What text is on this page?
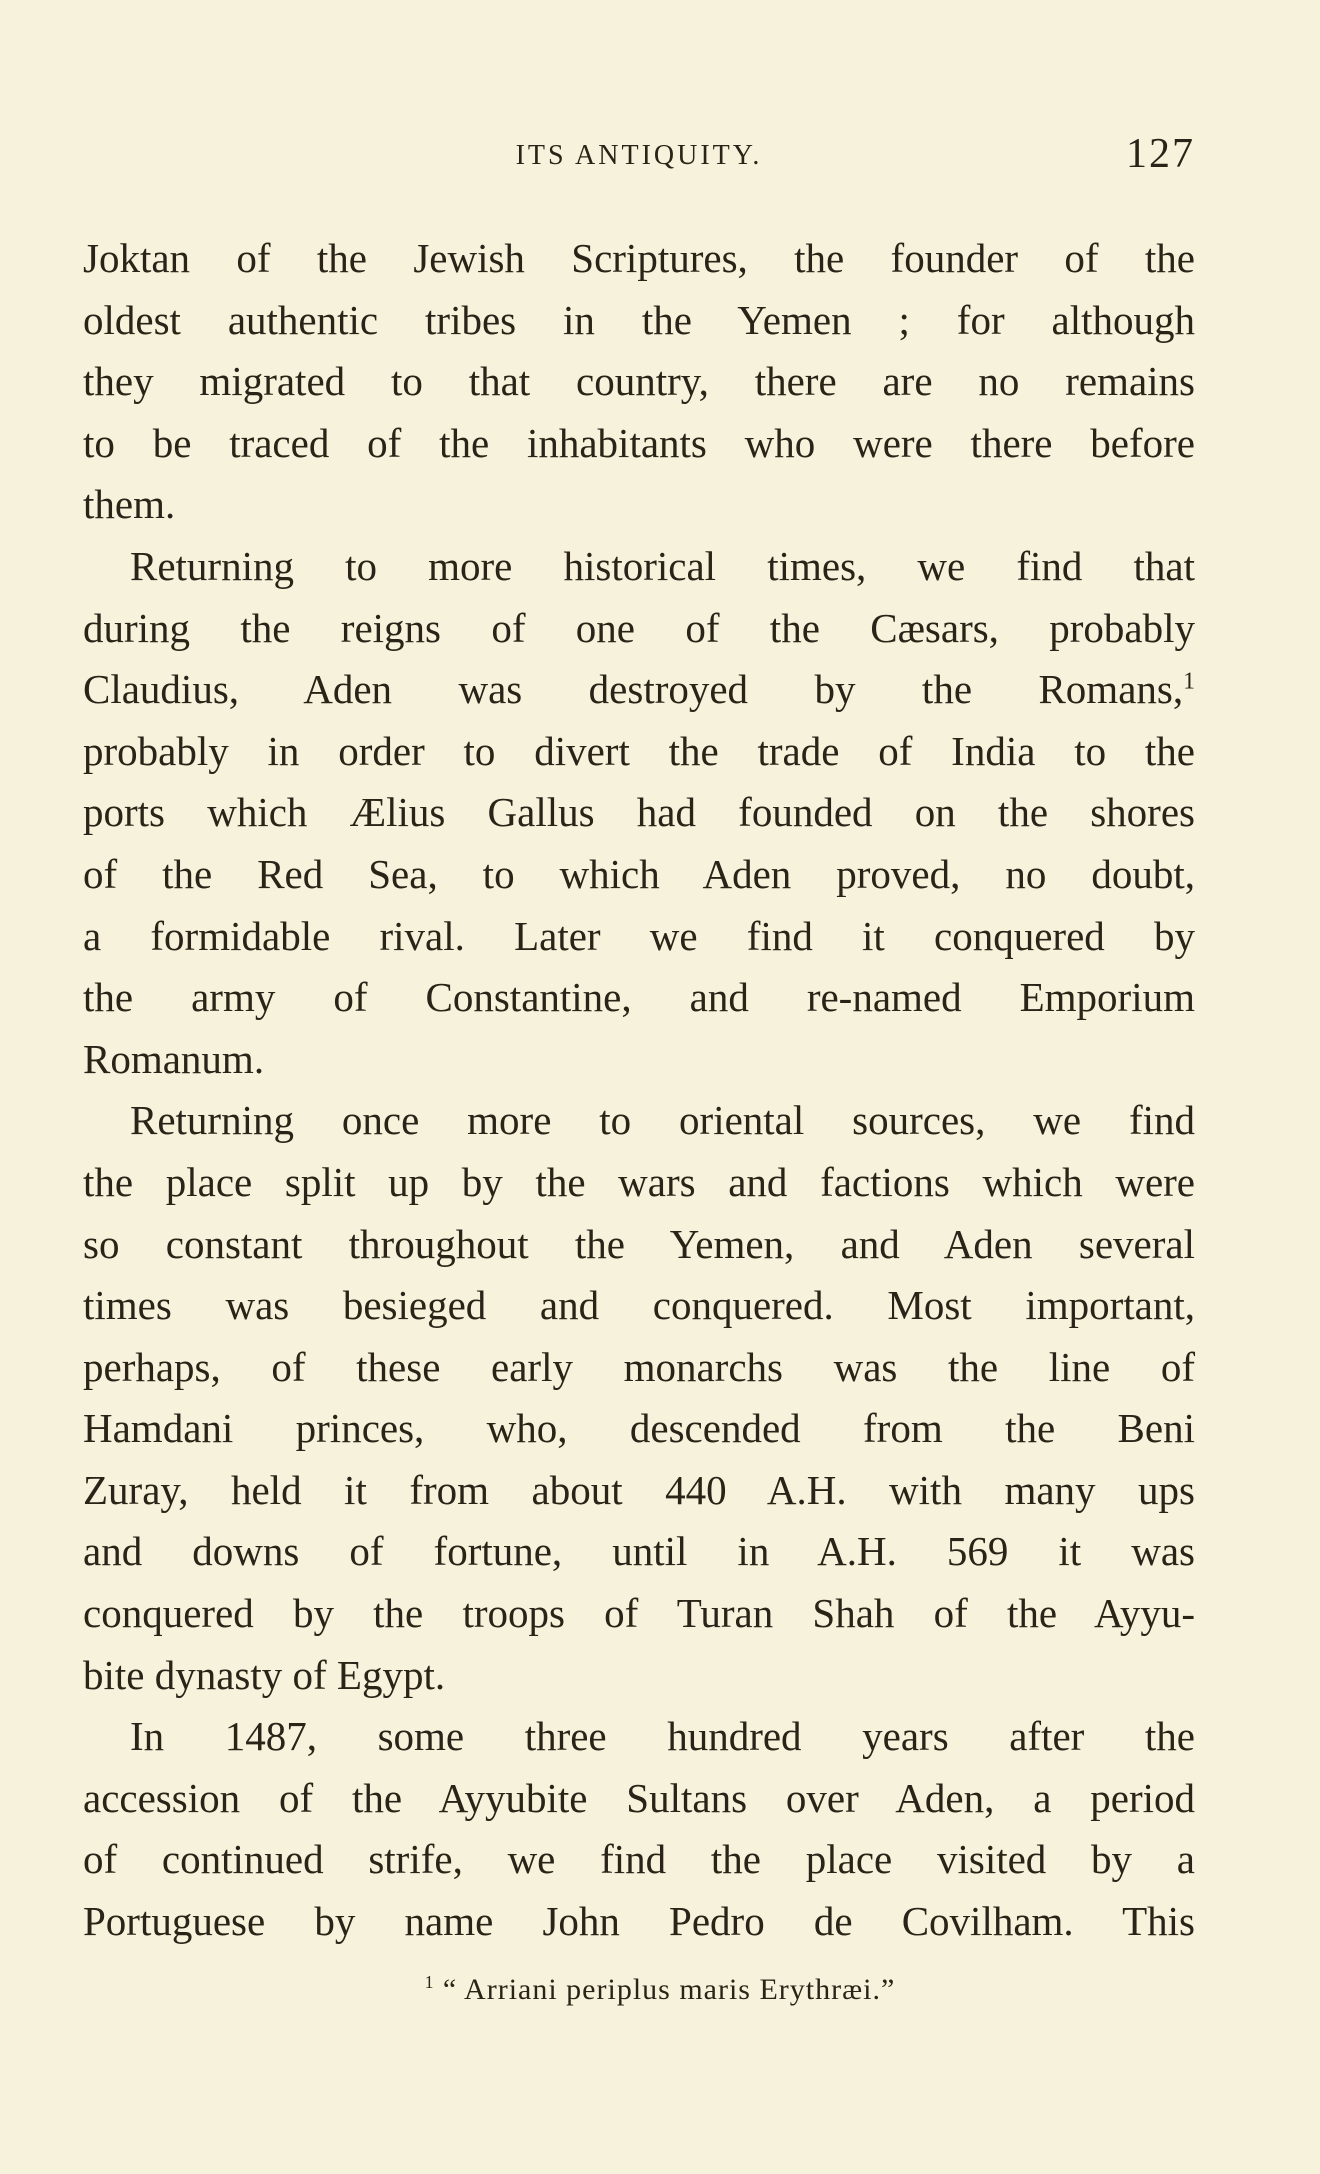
ITS ANTIQUITY.	127
Joktan of the Jewish Scriptures, the founder of the
oldest authentic tribes in the Yemen ; for although
they migrated to that country, there are no remains
to be traced of the inhabitants who were there before
them.
Returning to more historical times, we find that
during the reigns of one of the Cæsars, probably
Claudius, Aden was destroyed by the Romans,$^1$
probably in order to divert the trade of India to the
ports which Ælius Gallus had founded on the shores
of the Red Sea, to which Aden proved, no doubt,
a formidable rival. Later we find it conquered by
the army of Constantine, and re-named Emporium
Romanum.
Returning once more to oriental sources, we find
the place split up by the wars and factions which were
so constant throughout the Yemen, and Aden several
times was besieged and conquered. Most important,
perhaps, of these early monarchs was the line of
Hamdani princes, who, descended from the Beni
Zuray, held it from about 440 A.H. with many ups
and downs of fortune, until in A.H. 569 it was
conquered by the troops of Turan Shah of the Ayyu-
bite dynasty of Egypt.
In 1487, some three hundred years after the
accession of the Ayyubite Sultans over Aden, a period
of continued strife, we find the place visited by a
Portuguese by name John Pedro de Covilham. This
$^1$ “ Arriani periplus maris Erythræi.”
